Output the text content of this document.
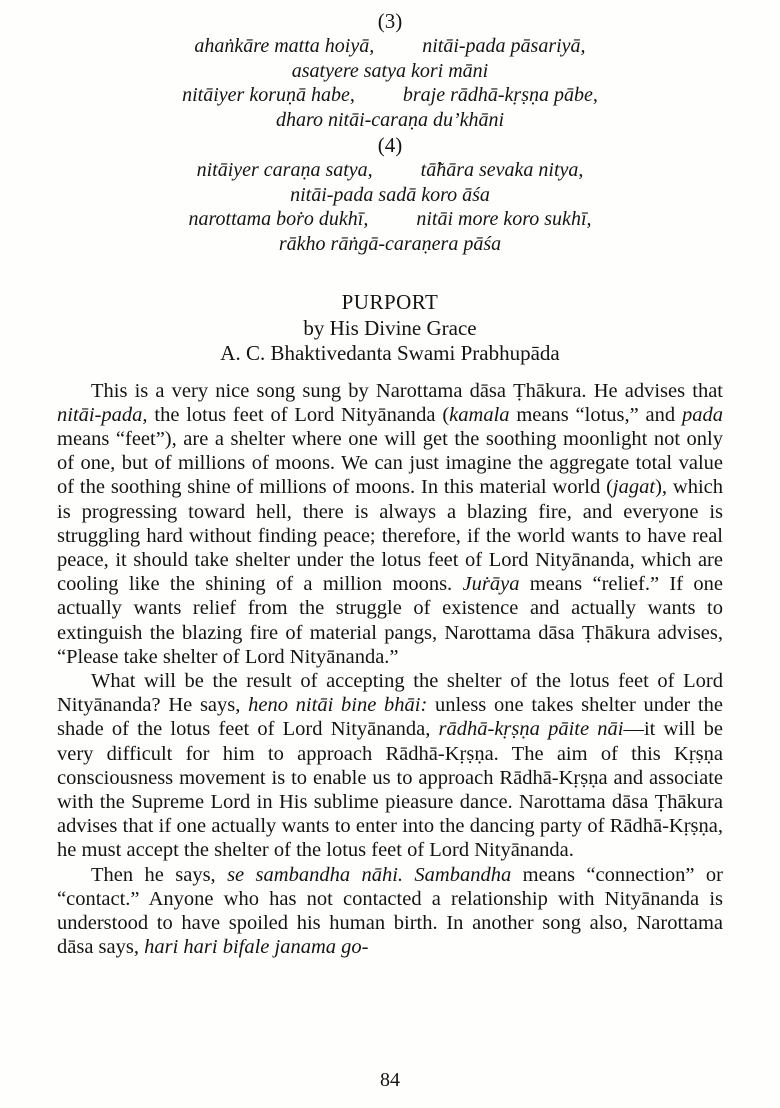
(3)
ahaṅkāre matta hoiyā, nitāi-pada pāsariyā,
asatyere satya kori māni
nitāiyer koruṇā habe, braje rādhā-kṛṣṇa pābe,
dharo nitāi-caraṇa du’khāni
(4)
nitāiyer caraṇa satya, tā̃hāra sevaka nitya,
nitāi-pada sadā koro āśa
narottama boṙo dukhī, nitāi more koro sukhī,
rākho rāṅgā-caraṇera pāśa
PURPORT
by His Divine Grace
A. C. Bhaktivedanta Swami Prabhupāda

This is a very nice song sung by Narottama dāsa Ṭhākura. He advises that nitāi-pada, the lotus feet of Lord Nityānanda (kamala means “lotus,” and pada means “feet”), are a shelter where one will get the soothing moonlight not only of one, but of millions of moons. We can just imagine the aggregate total value of the soothing shine of millions of moons. In this material world (jagat), which is progressing toward hell, there is always a blazing fire, and everyone is struggling hard without finding peace; therefore, if the world wants to have real peace, it should take shelter under the lotus feet of Lord Nityānanda, which are cooling like the shining of a million moons. Juṙāya means “relief.” If one actually wants relief from the struggle of existence and actually wants to extinguish the blazing fire of material pangs, Narottama dāsa Ṭhākura advises, “Please take shelter of Lord Nityānanda.”

What will be the result of accepting the shelter of the lotus feet of Lord Nityānanda? He says, heno nitāi bine bhāi: unless one takes shelter under the shade of the lotus feet of Lord Nityānanda, rādhā-kṛṣṇa pāite nāi—it will be very difficult for him to approach Rādhā-Kṛṣṇa. The aim of this Kṛṣṇa consciousness movement is to enable us to approach Rādhā-Kṛṣṇa and associate with the Supreme Lord in His sublime pieasure dance. Narottama dāsa Ṭhākura advises that if one actually wants to enter into the dancing party of Rādhā-Kṛṣṇa, he must accept the shelter of the lotus feet of Lord Nityānanda.

Then he says, se sambandha nāhi. Sambandha means “connection” or “contact.” Anyone who has not contacted a relationship with Nityānanda is understood to have spoiled his human birth. In another song also, Narottama dāsa says, hari hari bifale janama go-

84
